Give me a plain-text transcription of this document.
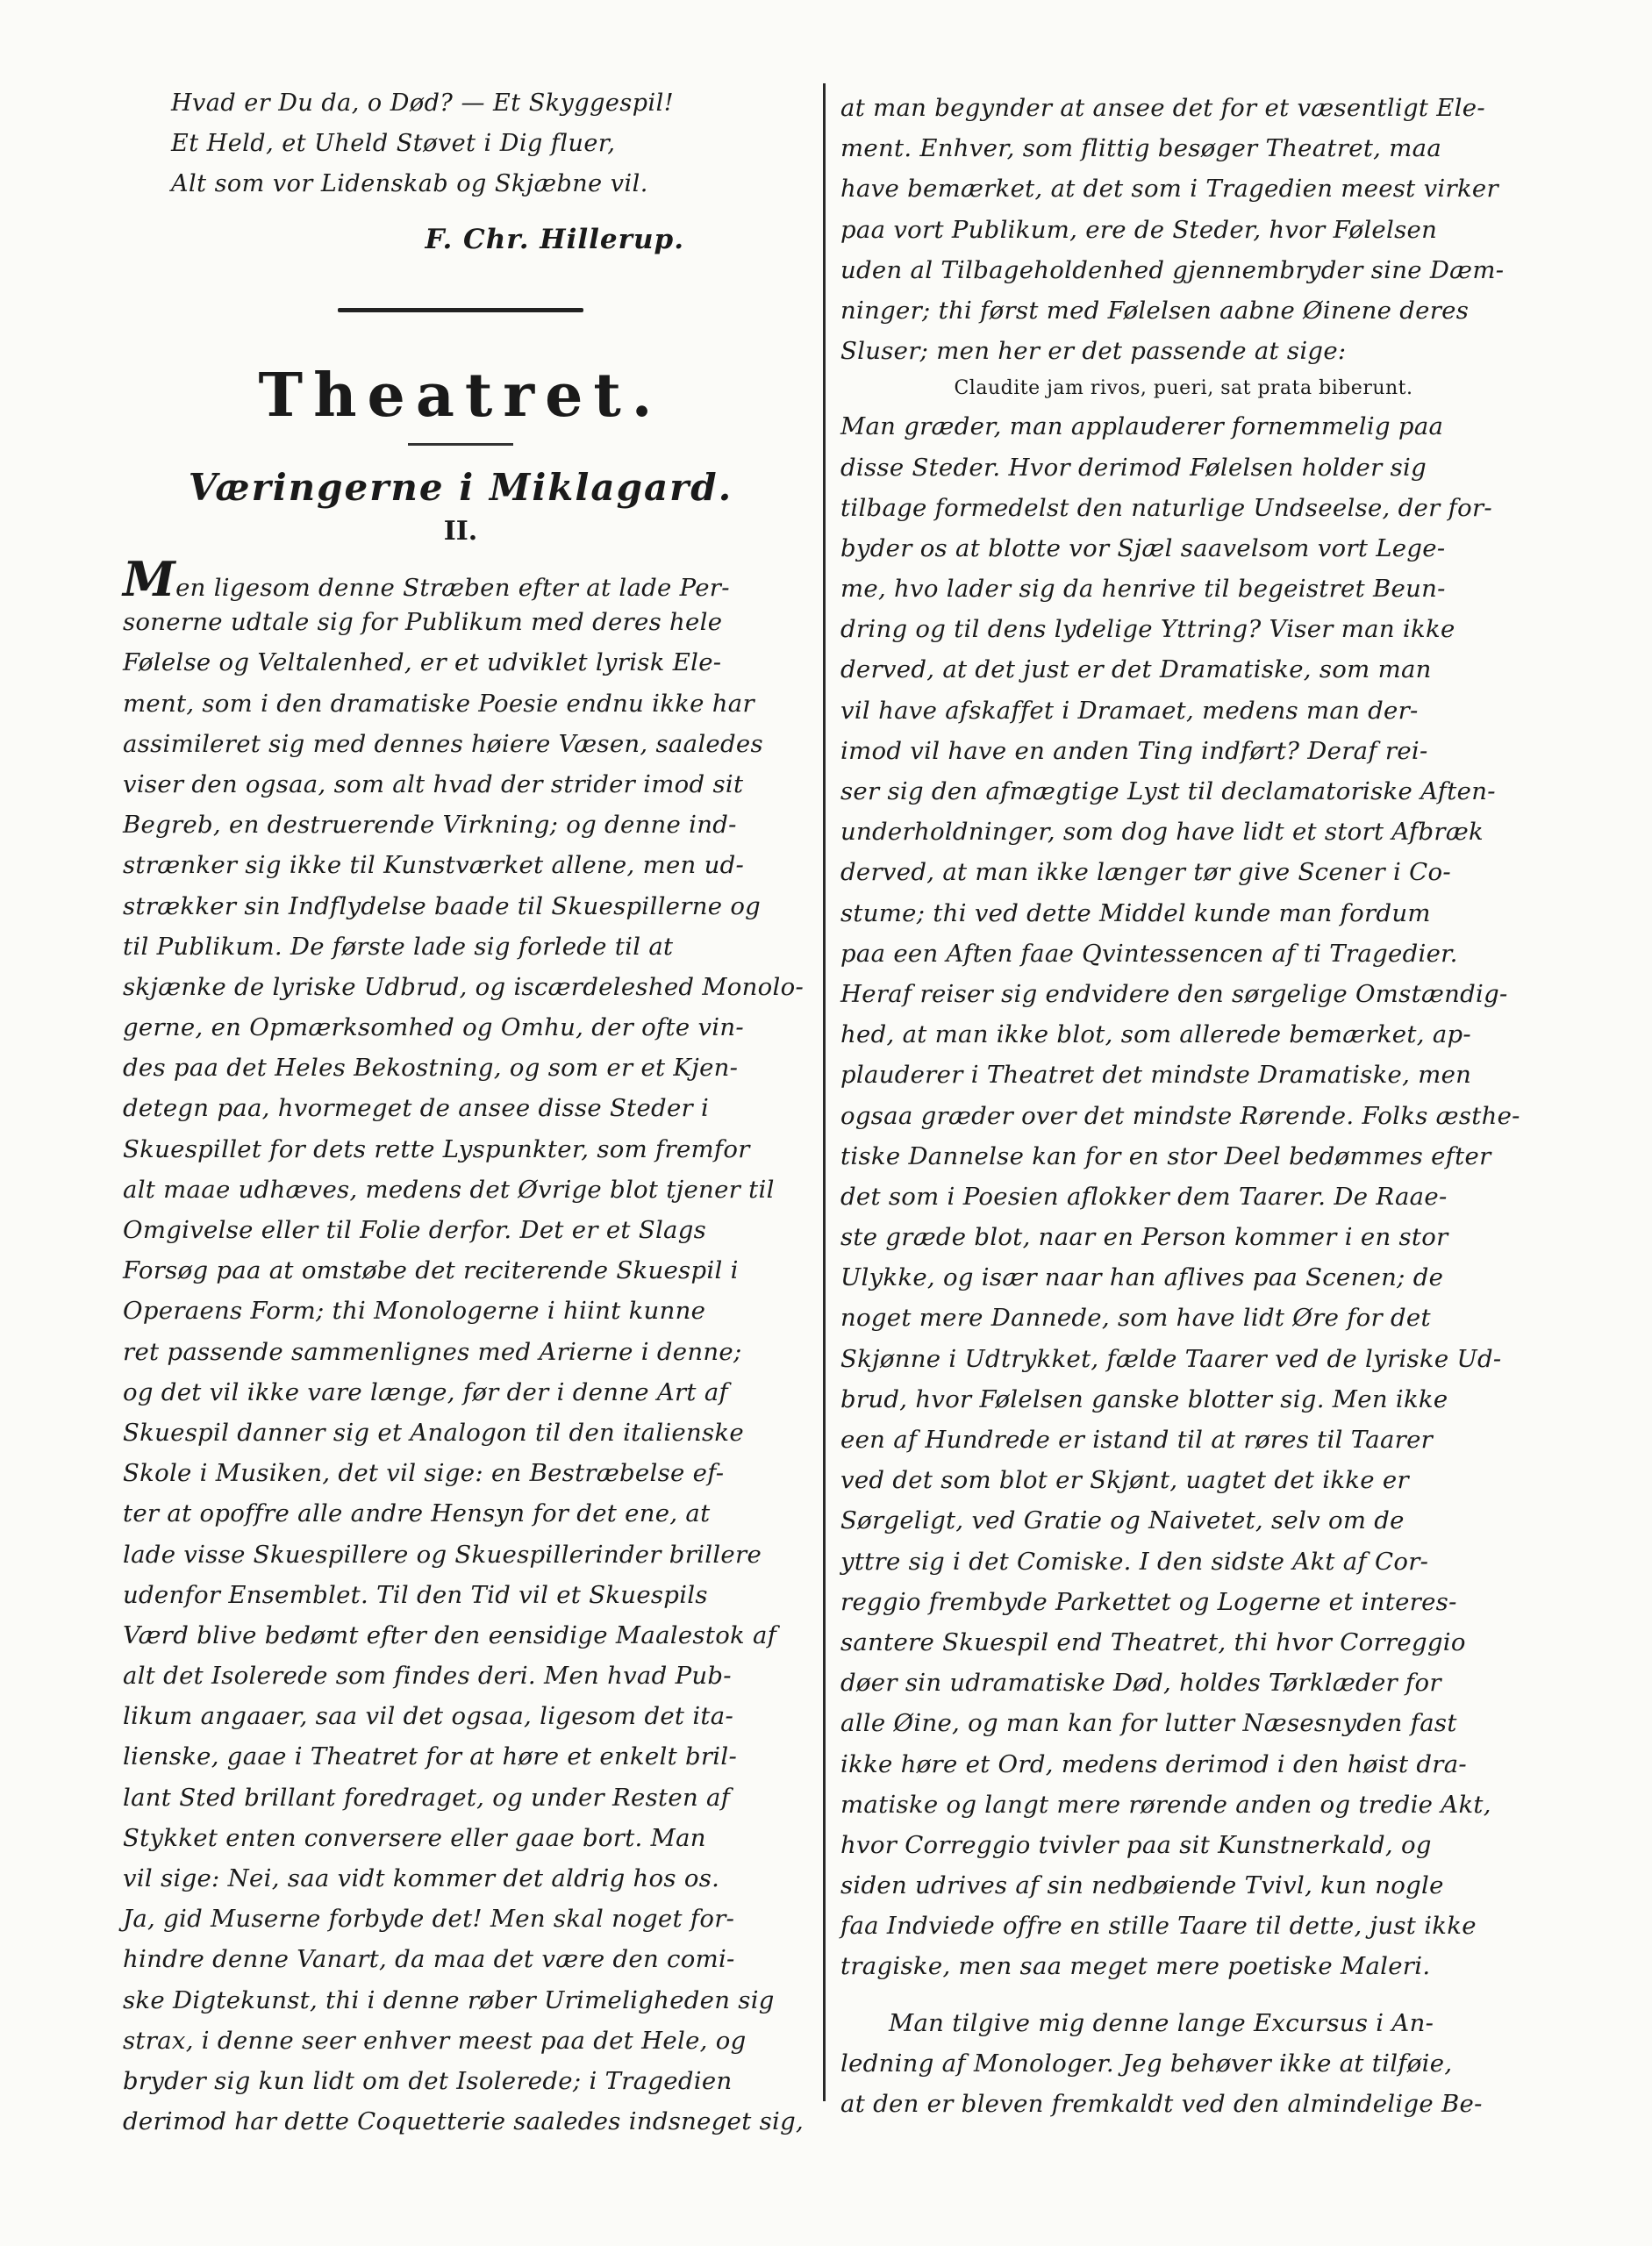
Hvad er Du da, o Død? — Et Skyggespil!
Et Held, et Uheld Støvet i Dig fluer,
Alt som vor Lidenskab og Skjæbne vil.
F. Chr. Hillerup.
Theatret.
Væringerne i Miklagard.
II.
Men ligesom denne Stræben efter at lade Per-
sonerne udtale sig for Publikum med deres hele
Følelse og Veltalenhed, er et udviklet lyrisk Ele-
ment, som i den dramatiske Poesie endnu ikke har
assimileret sig med dennes høiere Væsen, saaledes
viser den ogsaa, som alt hvad der strider imod sit
Begreb, en destruerende Virkning; og denne ind-
strænker sig ikke til Kunstværket allene, men ud-
strækker sin Indflydelse baade til Skuespillerne og
til Publikum. De første lade sig forlede til at
skjænke de lyriske Udbrud, og iscærdeleshed Monolo-
gerne, en Opmærksomhed og Omhu, der ofte vin-
des paa det Heles Bekostning, og som er et Kjen-
detegn paa, hvormeget de ansee disse Steder i
Skuespillet for dets rette Lyspunkter, som fremfor
alt maae udhæves, medens det Øvrige blot tjener til
Omgivelse eller til Folie derfor. Det er et Slags
Forsøg paa at omstøbe det reciterende Skuespil i
Operaens Form; thi Monologerne i hiint kunne
ret passende sammenlignes med Arierne i denne;
og det vil ikke vare længe, før der i denne Art af
Skuespil danner sig et Analogon til den italienske
Skole i Musiken, det vil sige: en Bestræbelse ef-
ter at opoffre alle andre Hensyn for det ene, at
lade visse Skuespillere og Skuespillerinder brillere
udenfor Ensemblet. Til den Tid vil et Skuespils
Værd blive bedømt efter den eensidige Maalestok af
alt det Isolerede som findes deri. Men hvad Pub-
likum angaaer, saa vil det ogsaa, ligesom det ita-
lienske, gaae i Theatret for at høre et enkelt bril-
lant Sted brillant foredraget, og under Resten af
Stykket enten conversere eller gaae bort. Man
vil sige: Nei, saa vidt kommer det aldrig hos os.
Ja, gid Muserne forbyde det! Men skal noget for-
hindre denne Vanart, da maa det være den comi-
ske Digtekunst, thi i denne røber Urimeligheden sig
strax, i denne seer enhver meest paa det Hele, og
bryder sig kun lidt om det Isolerede; i Tragedien
derimod har dette Coquetterie saaledes indsneget sig,
at man begynder at ansee det for et væsentligt Ele-
ment. Enhver, som flittig besøger Theatret, maa
have bemærket, at det som i Tragedien meest virker
paa vort Publikum, ere de Steder, hvor Følelsen
uden al Tilbageholdenhed gjennembryder sine Dæm-
ninger; thi først med Følelsen aabne Øinene deres
Sluser; men her er det passende at sige:
Claudite jam rivos, pueri, sat prata biberunt.
Man græder, man applauderer fornemmelig paa
disse Steder. Hvor derimod Følelsen holder sig
tilbage formedelst den naturlige Undseelse, der for-
byder os at blotte vor Sjæl saavelsom vort Lege-
me, hvo lader sig da henrive til begeistret Beun-
dring og til dens lydelige Yttring? Viser man ikke
derved, at det just er det Dramatiske, som man
vil have afskaffet i Dramaet, medens man der-
imod vil have en anden Ting indført? Deraf rei-
ser sig den afmægtige Lyst til declamatoriske Aften-
underholdninger, som dog have lidt et stort Afbræk
derved, at man ikke længer tør give Scener i Co-
stume; thi ved dette Middel kunde man fordum
paa een Aften faae Qvintessencen af ti Tragedier.
Heraf reiser sig endvidere den sørgelige Omstændig-
hed, at man ikke blot, som allerede bemærket, ap-
plauderer i Theatret det mindste Dramatiske, men
ogsaa græder over det mindste Rørende. Folks æsthe-
tiske Dannelse kan for en stor Deel bedømmes efter
det som i Poesien aflokker dem Taarer. De Raae-
ste græde blot, naar en Person kommer i en stor
Ulykke, og især naar han aflives paa Scenen; de
noget mere Dannede, som have lidt Øre for det
Skjønne i Udtrykket, fælde Taarer ved de lyriske Ud-
brud, hvor Følelsen ganske blotter sig. Men ikke
een af Hundrede er istand til at røres til Taarer
ved det som blot er Skjønt, uagtet det ikke er
Sørgeligt, ved Gratie og Naivetet, selv om de
yttre sig i det Comiske. I den sidste Akt af Cor-
reggio frembyde Parkettet og Logerne et interes-
santere Skuespil end Theatret, thi hvor Correggio
døer sin udramatiske Død, holdes Tørklæder for
alle Øine, og man kan for lutter Næsesnyden fast
ikke høre et Ord, medens derimod i den høist dra-
matiske og langt mere rørende anden og tredie Akt,
hvor Correggio tvivler paa sit Kunstnerkald, og
siden udrives af sin nedbøiende Tvivl, kun nogle
faa Indviede offre en stille Taare til dette, just ikke
tragiske, men saa meget mere poetiske Maleri.
Man tilgive mig denne lange Excursus i An-
ledning af Monologer. Jeg behøver ikke at tilføie,
at den er bleven fremkaldt ved den almindelige Be-
